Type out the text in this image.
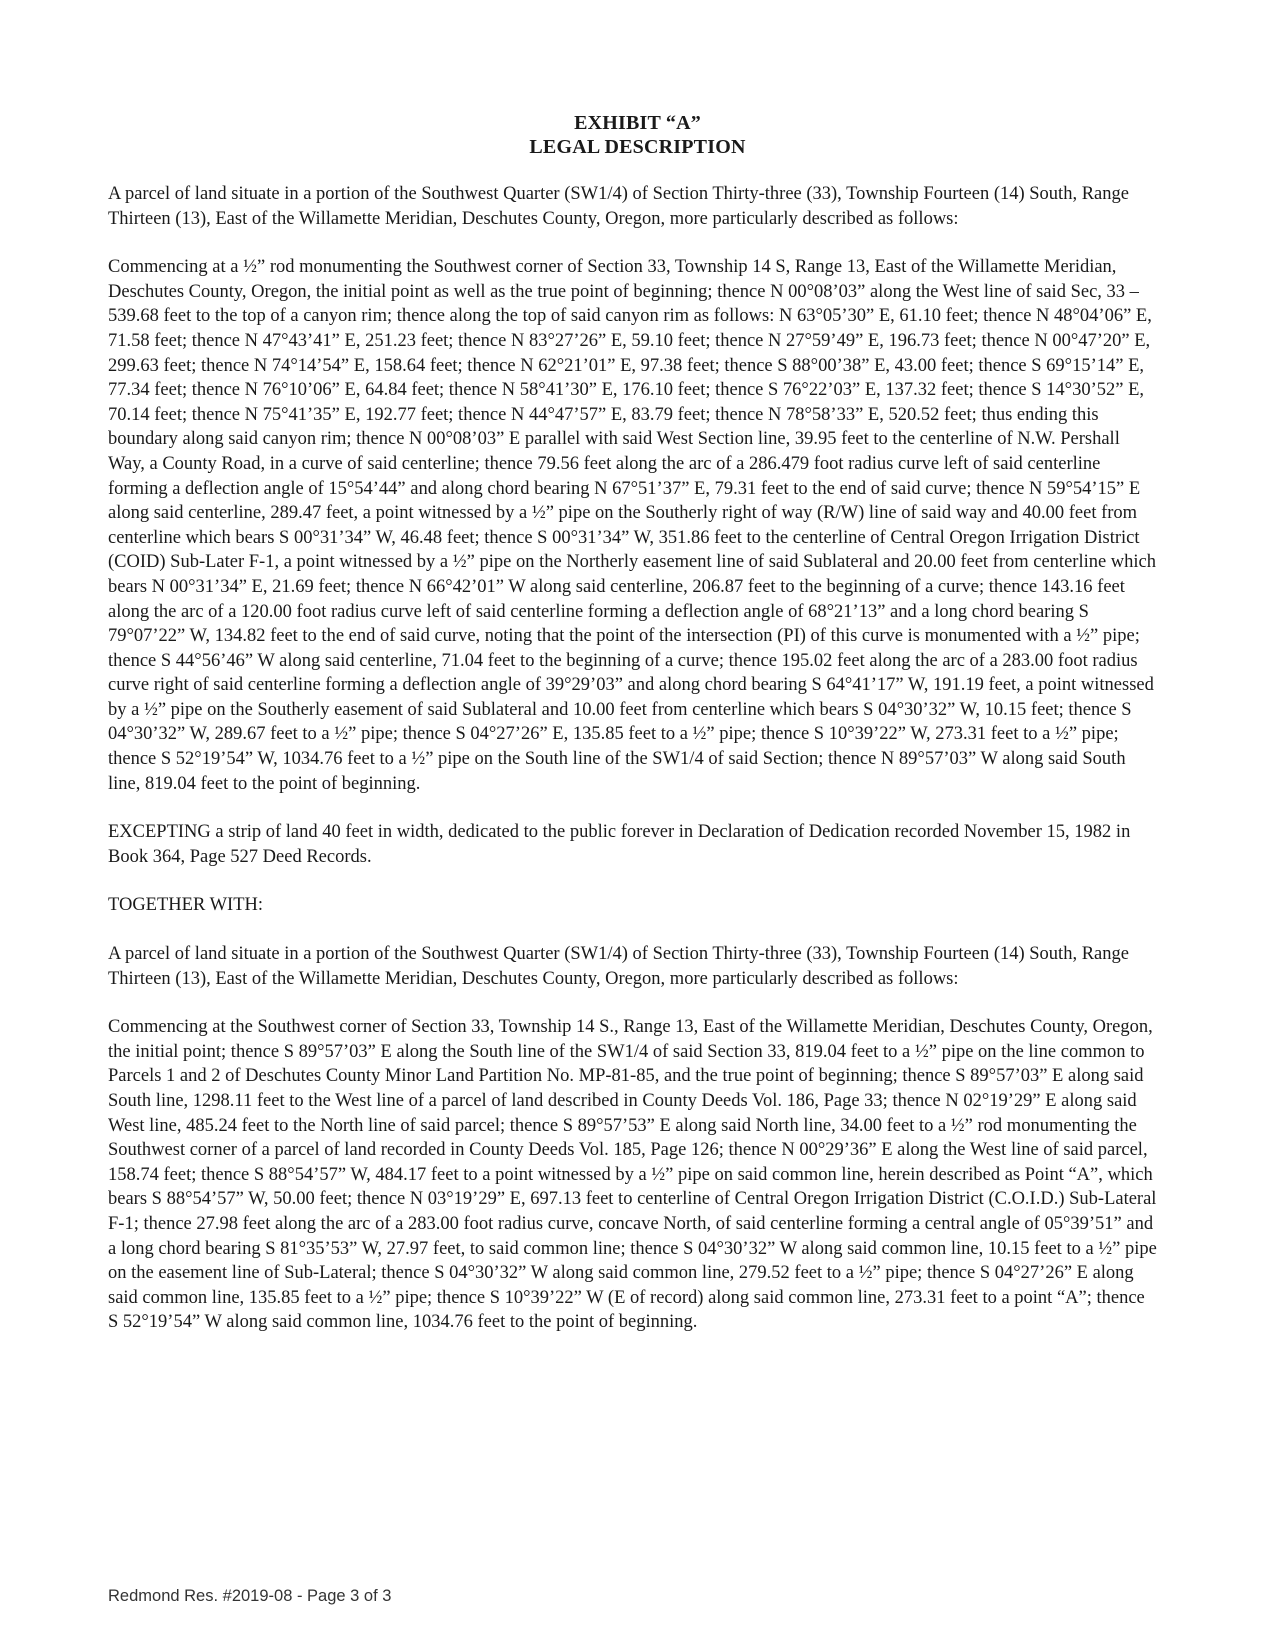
EXHIBIT “A”
LEGAL DESCRIPTION

A parcel of land situate in a portion of the Southwest Quarter (SW1/4) of Section Thirty-three (33), Township Fourteen (14) South, Range Thirteen (13), East of the Willamette Meridian, Deschutes County, Oregon, more particularly described as follows:

Commencing at a ½” rod monumenting the Southwest corner of Section 33, Township 14 S, Range 13, East of the Willamette Meridian, Deschutes County, Oregon, the initial point as well as the true point of beginning; thence N 00°08’03” along the West line of said Sec, 33 – 539.68 feet to the top of a canyon rim; thence along the top of said canyon rim as follows: N 63°05’30” E, 61.10 feet; thence N 48°04’06” E, 71.58 feet; thence N 47°43’41” E, 251.23 feet; thence N 83°27’26” E, 59.10 feet; thence N 27°59’49” E, 196.73 feet; thence N 00°47’20” E, 299.63 feet; thence N 74°14’54” E, 158.64 feet; thence N 62°21’01” E, 97.38 feet; thence S 88°00’38” E, 43.00 feet; thence S 69°15’14” E, 77.34 feet; thence N 76°10’06” E, 64.84 feet; thence N 58°41’30” E, 176.10 feet; thence S 76°22’03” E, 137.32 feet; thence S 14°30’52” E, 70.14 feet; thence N 75°41’35” E, 192.77 feet; thence N 44°47’57” E, 83.79 feet; thence N 78°58’33” E, 520.52 feet; thus ending this boundary along said canyon rim; thence N 00°08’03” E parallel with said West Section line, 39.95 feet to the centerline of N.W. Pershall Way, a County Road, in a curve of said centerline; thence 79.56 feet along the arc of a 286.479 foot radius curve left of said centerline forming a deflection angle of 15°54’44” and along chord bearing N 67°51’37” E, 79.31 feet to the end of said curve; thence N 59°54’15” E along said centerline, 289.47 feet, a point witnessed by a ½” pipe on the Southerly right of way (R/W) line of said way and 40.00 feet from centerline which bears S 00°31’34” W, 46.48 feet; thence S 00°31’34” W, 351.86 feet to the centerline of Central Oregon Irrigation District (COID) Sub-Later F-1, a point witnessed by a ½” pipe on the Northerly easement line of said Sublateral and 20.00 feet from centerline which bears N 00°31’34” E, 21.69 feet; thence N 66°42’01” W along said centerline, 206.87 feet to the beginning of a curve; thence 143.16 feet along the arc of a 120.00 foot radius curve left of said centerline forming a deflection angle of 68°21’13” and a long chord bearing S 79°07’22” W, 134.82 feet to the end of said curve, noting that the point of the intersection (PI) of this curve is monumented with a ½” pipe; thence S 44°56’46” W along said centerline, 71.04 feet to the beginning of a curve; thence 195.02 feet along the arc of a 283.00 foot radius curve right of said centerline forming a deflection angle of 39°29’03” and along chord bearing S 64°41’17” W, 191.19 feet, a point witnessed by a ½” pipe on the Southerly easement of said Sublateral and 10.00 feet from centerline which bears S 04°30’32” W, 10.15 feet; thence S 04°30’32” W, 289.67 feet to a ½” pipe; thence S 04°27’26” E, 135.85 feet to a ½” pipe; thence S 10°39’22” W, 273.31 feet to a ½” pipe; thence S 52°19’54” W, 1034.76 feet to a ½” pipe on the South line of the SW1/4 of said Section; thence N 89°57’03” W along said South line, 819.04 feet to the point of beginning.

EXCEPTING a strip of land 40 feet in width, dedicated to the public forever in Declaration of Dedication recorded November 15, 1982 in Book 364, Page 527 Deed Records.

TOGETHER WITH:

A parcel of land situate in a portion of the Southwest Quarter (SW1/4) of Section Thirty-three (33), Township Fourteen (14) South, Range Thirteen (13), East of the Willamette Meridian, Deschutes County, Oregon, more particularly described as follows:

Commencing at the Southwest corner of Section 33, Township 14 S., Range 13, East of the Willamette Meridian, Deschutes County, Oregon, the initial point; thence S 89°57’03” E along the South line of the SW1/4 of said Section 33, 819.04 feet to a ½” pipe on the line common to Parcels 1 and 2 of Deschutes County Minor Land Partition No. MP-81-85, and the true point of beginning; thence S 89°57’03” E along said South line, 1298.11 feet to the West line of a parcel of land described in County Deeds Vol. 186, Page 33; thence N 02°19’29” E along said West line, 485.24 feet to the North line of said parcel; thence S 89°57’53” E along said North line, 34.00 feet to a ½” rod monumenting the Southwest corner of a parcel of land recorded in County Deeds Vol. 185, Page 126; thence N 00°29’36” E along the West line of said parcel, 158.74 feet; thence S 88°54’57” W, 484.17 feet to a point witnessed by a ½” pipe on said common line, herein described as Point “A”, which bears S 88°54’57” W, 50.00 feet; thence N 03°19’29” E, 697.13 feet to centerline of Central Oregon Irrigation District (C.O.I.D.) Sub-Lateral F-1; thence 27.98 feet along the arc of a 283.00 foot radius curve, concave North, of said centerline forming a central angle of 05°39’51” and a long chord bearing S 81°35’53” W, 27.97 feet, to said common line; thence S 04°30’32” W along said common line, 10.15 feet to a ½” pipe on the easement line of Sub-Lateral; thence S 04°30’32” W along said common line, 279.52 feet to a ½” pipe; thence S 04°27’26” E along said common line, 135.85 feet to a ½” pipe; thence S 10°39’22” W (E of record) along said common line, 273.31 feet to a point “A”; thence S 52°19’54” W along said common line, 1034.76 feet to the point of beginning.

Redmond Res. #2019-08 - Page 3 of 3
